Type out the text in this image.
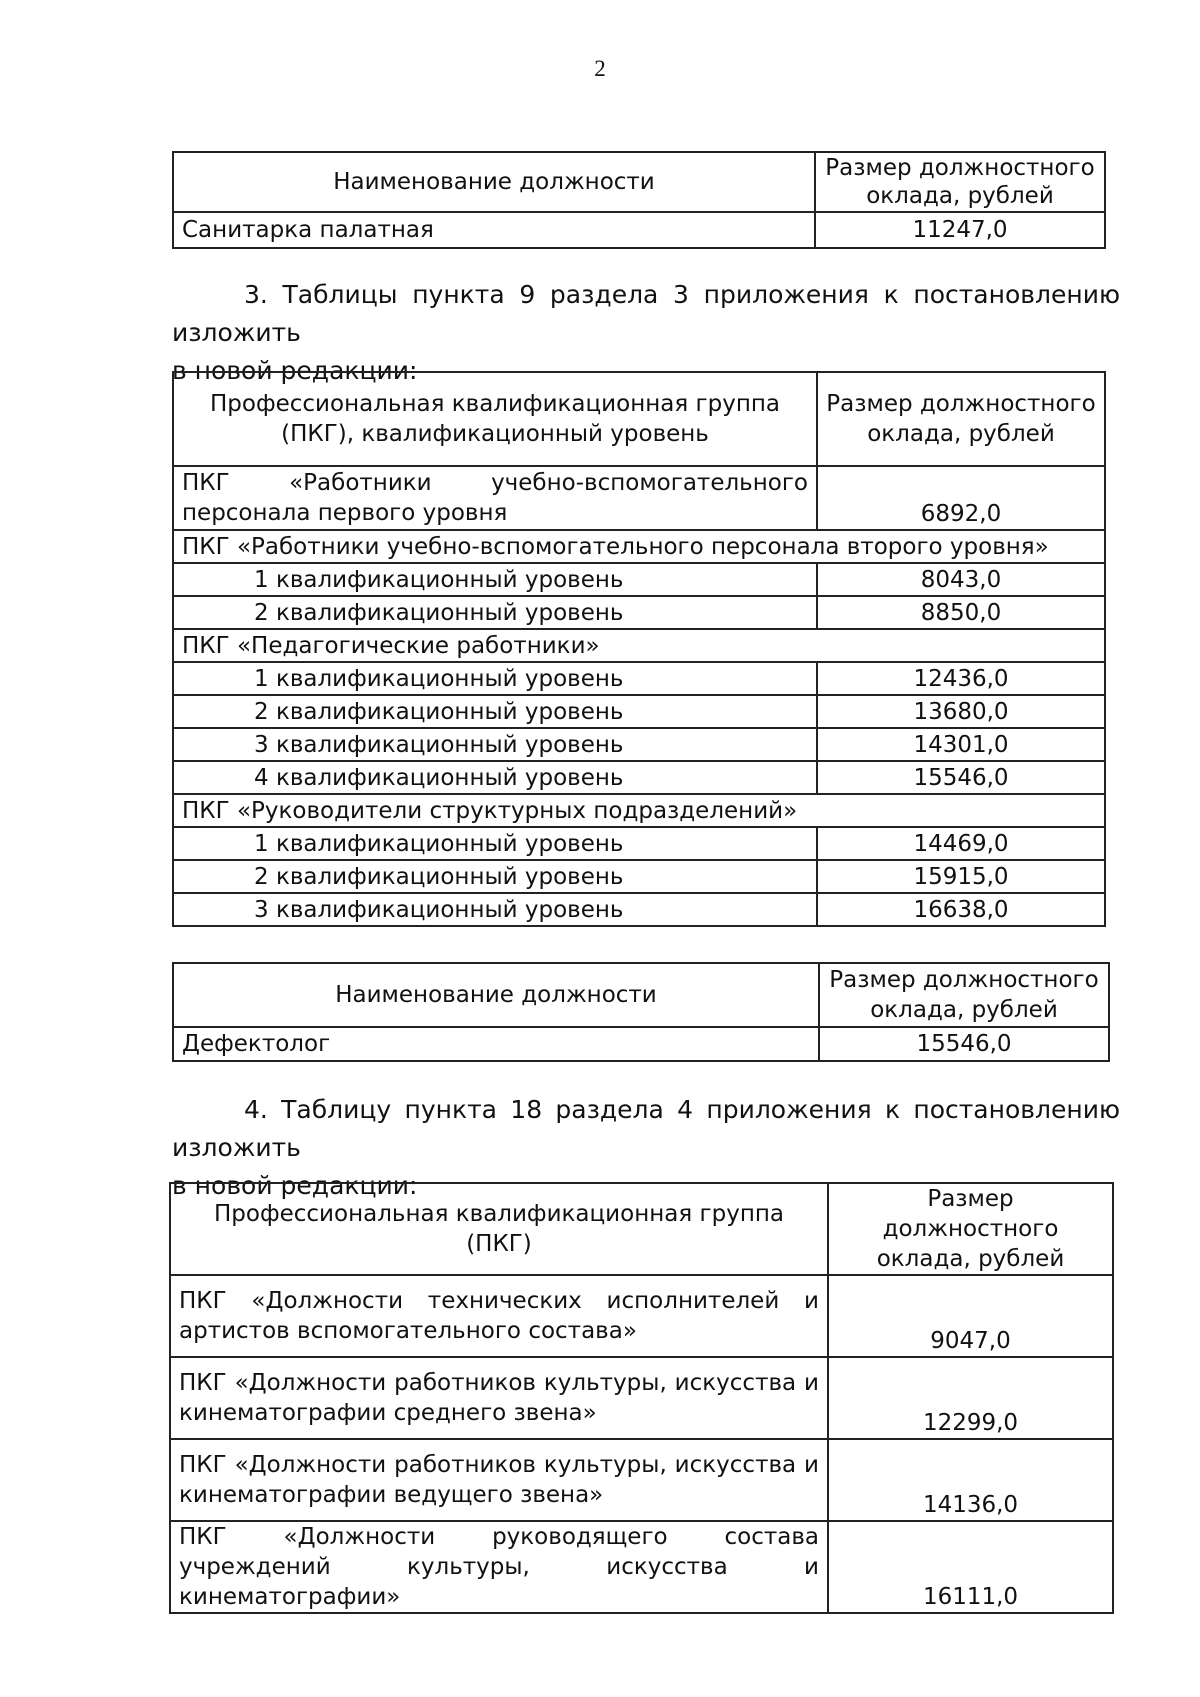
2
Наименование должности	Размер должностного оклада, рублей
Санитарка палатная	11247,0
3. Таблицы пункта 9 раздела 3 приложения к постановлению изложить
в новой редакции:
Профессиональная квалификационная группа (ПКГ), квалификационный уровень	Размер должностного оклада, рублей
ПКГ «Работники учебно-вспомогательного персонала первого уровня	6892,0
ПКГ «Работники учебно-вспомогательного персонала второго уровня»	
1 квалификационный уровень	8043,0
2 квалификационный уровень	8850,0
ПКГ «Педагогические работники»	
1 квалификационный уровень	12436,0
2 квалификационный уровень	13680,0
3 квалификационный уровень	14301,0
4 квалификационный уровень	15546,0
ПКГ «Руководители структурных подразделений»	
1 квалификационный уровень	14469,0
2 квалификационный уровень	15915,0
3 квалификационный уровень	16638,0
Наименование должности	Размер должностного оклада, рублей
Дефектолог	15546,0
4. Таблицу пункта 18 раздела 4 приложения к постановлению изложить
в новой редакции:
Профессиональная квалификационная группа (ПКГ)	Размер должностного оклада, рублей
ПКГ «Должности технических исполнителей и артистов вспомогательного состава»	9047,0
ПКГ «Должности работников культуры, искусства и кинематографии среднего звена»	12299,0
ПКГ «Должности работников культуры, искусства и кинематографии ведущего звена»	14136,0
ПКГ «Должности руководящего состава учреждений культуры, искусства и кинематографии»	16111,0
